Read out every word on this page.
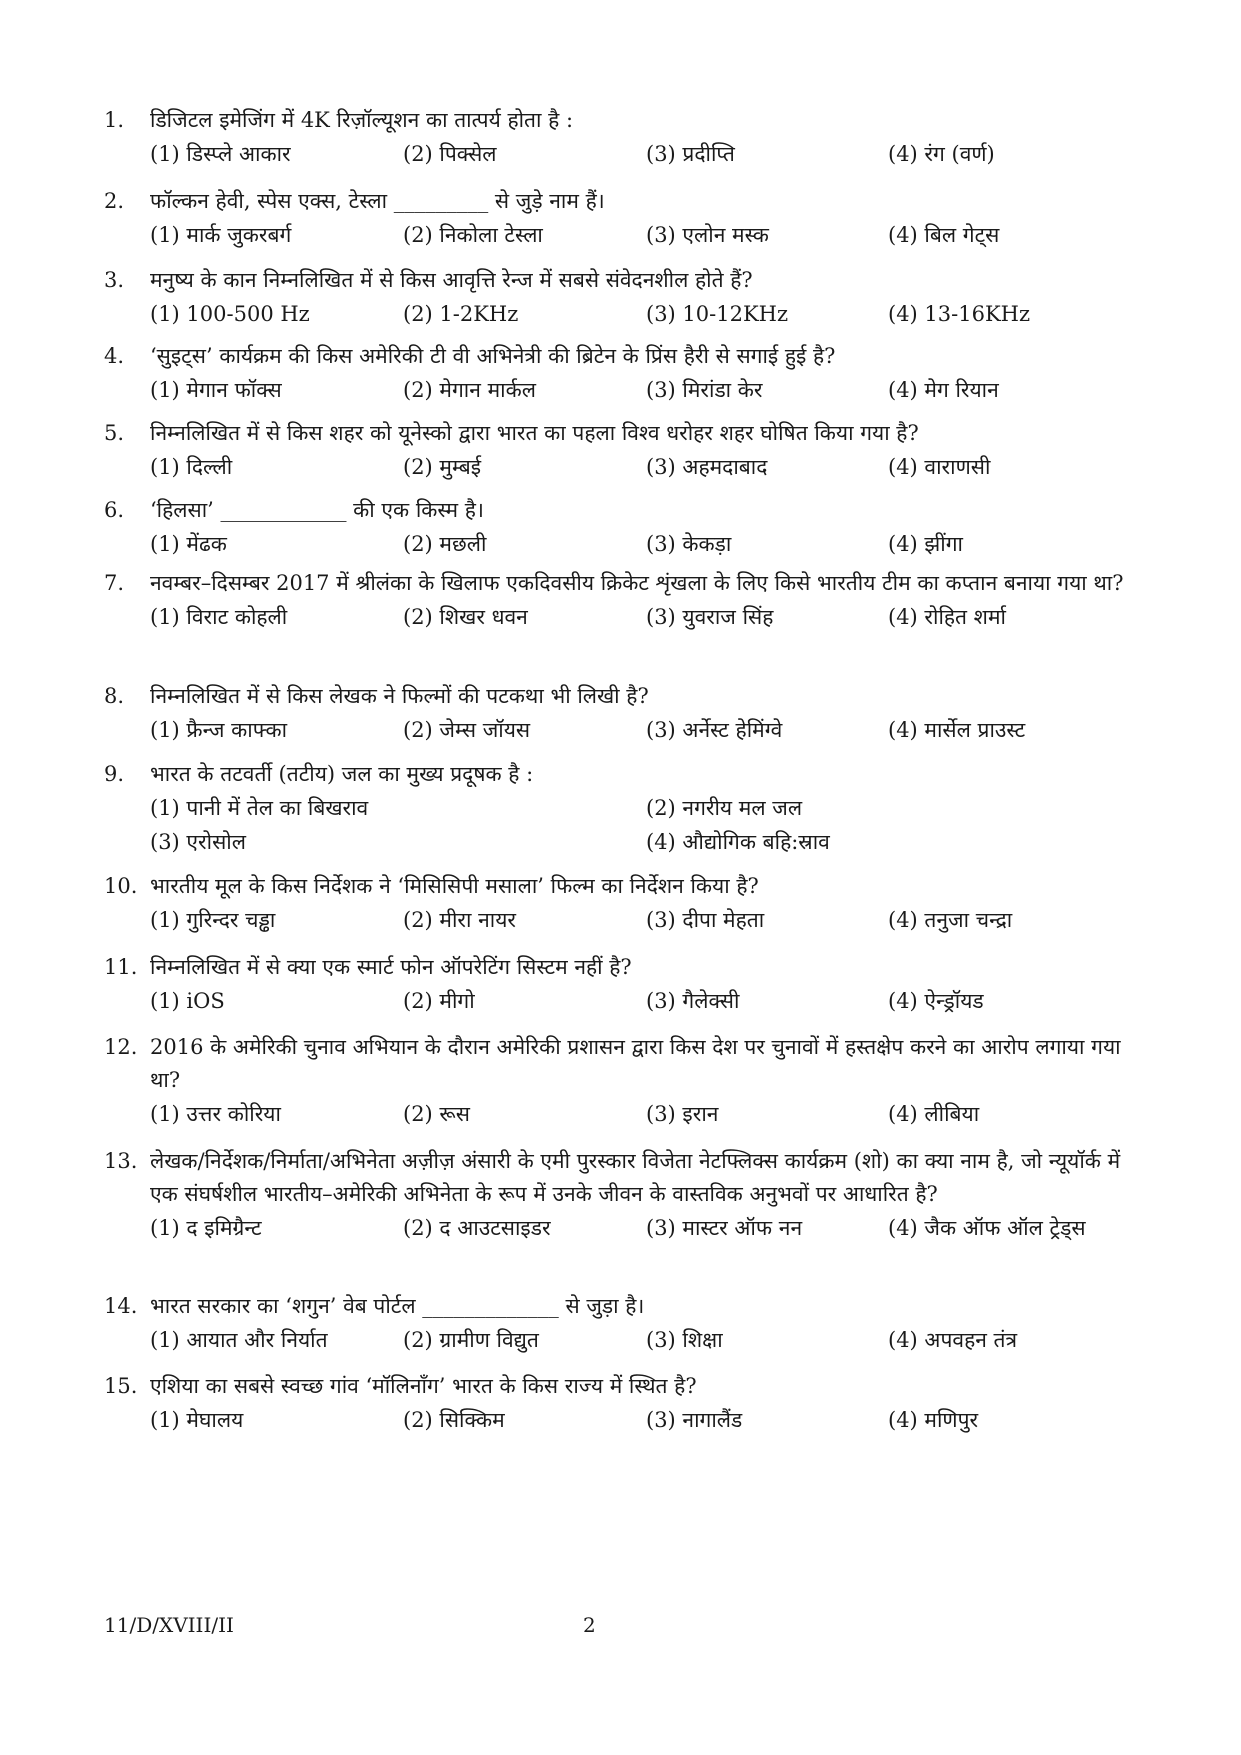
1.	डिजिटल इमेजिंग में 4K रिज़ॉल्यूशन का तात्पर्य होता है :
(1) डिस्प्ले आकार	(2) पिक्सेल	(3) प्रदीप्ति	(4) रंग (वर्ण)
2.	फॉल्कन हेवी, स्पेस एक्स, टेस्ला _________ से जुड़े नाम हैं।
(1) मार्क जुकरबर्ग	(2) निकोला टेस्ला	(3) एलोन मस्क	(4) बिल गेट्स
3.	मनुष्य के कान निम्नलिखित में से किस आवृत्ति रेन्ज में सबसे संवेदनशील होते हैं?
(1) 100-500 Hz	(2) 1-2KHz	(3) 10-12KHz	(4) 13-16KHz
4.	‘सुइट्स’ कार्यक्रम की किस अमेरिकी टी वी अभिनेत्री की ब्रिटेन के प्रिंस हैरी से सगाई हुई है?
(1) मेगान फॉक्स	(2) मेगान मार्कल	(3) मिरांडा केर	(4) मेग रियान
5.	निम्नलिखित में से किस शहर को यूनेस्को द्वारा भारत का पहला विश्व धरोहर शहर घोषित किया गया है?
(1) दिल्ली	(2) मुम्बई	(3) अहमदाबाद	(4) वाराणसी
6.	‘हिलसा’ ____________ की एक किस्म है।
(1) मेंढक	(2) मछली	(3) केकड़ा	(4) झींगा
7.	नवम्बर–दिसम्बर 2017 में श्रीलंका के खिलाफ एकदिवसीय क्रिकेट शृंखला के लिए किसे भारतीय टीम का कप्तान बनाया गया था?
(1) विराट कोहली	(2) शिखर धवन	(3) युवराज सिंह	(4) रोहित शर्मा
8.	निम्नलिखित में से किस लेखक ने फिल्मों की पटकथा भी लिखी है?
(1) फ्रैन्ज काफ्का	(2) जेम्स जॉयस	(3) अर्नेस्ट हेमिंग्वे	(4) मार्सेल प्राउस्ट
9.	भारत के तटवर्ती (तटीय) जल का मुख्य प्रदूषक है :
(1) पानी में तेल का बिखराव	(2) नगरीय मल जल
(3) एरोसोल	(4) औद्योगिक बहि:स्राव
10. भारतीय मूल के किस निर्देशक ने ‘मिसिसिपी मसाला’ फिल्म का निर्देशन किया है?
(1) गुरिन्दर चड्ढा	(2) मीरा नायर	(3) दीपा मेहता	(4) तनुजा चन्द्रा
11. निम्नलिखित में से क्या एक स्मार्ट फोन ऑपरेटिंग सिस्टम नहीं है?
(1) iOS	(2) मीगो	(3) गैलेक्सी	(4) ऐन्ड्रॉयड
12. 2016 के अमेरिकी चुनाव अभियान के दौरान अमेरिकी प्रशासन द्वारा किस देश पर चुनावों में हस्तक्षेप करने का आरोप लगाया गया था?
(1) उत्तर कोरिया	(2) रूस	(3) इरान	(4) लीबिया
13. लेखक/निर्देशक/निर्माता/अभिनेता अज़ीज़ अंसारी के एमी पुरस्कार विजेता नेटफ्लिक्स कार्यक्रम (शो) का क्या नाम है, जो न्यूयॉर्क में एक संघर्षशील भारतीय–अमेरिकी अभिनेता के रूप में उनके जीवन के वास्तविक अनुभवों पर आधारित है?
(1) द इमिग्रैन्ट	(2) द आउटसाइडर	(3) मास्टर ऑफ नन	(4) जैक ऑफ ऑल ट्रेड्स
14. भारत सरकार का ‘शगुन’ वेब पोर्टल _____________ से जुड़ा है।
(1) आयात और निर्यात	(2) ग्रामीण विद्युत	(3) शिक्षा	(4) अपवहन तंत्र
15. एशिया का सबसे स्वच्छ गांव ‘मॉलिनॉंग’ भारत के किस राज्य में स्थित है?
(1) मेघालय	(2) सिक्किम	(3) नागालैंड	(4) मणिपुर
11/D/XVIII/II	2
